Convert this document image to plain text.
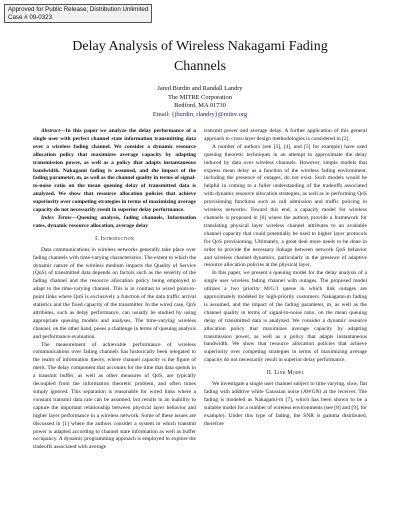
Approved for Public Release; Distribution Unlimited
Case # 09-0323
Delay Analysis of Wireless Nakagami Fading
Channels
Jared Burdin and Randall Landry
The MITRE Corporation
Bedford, MA 01730
Email: {jburdin, rlandry}@mitre.org

Abstract—In this paper we analyze the delay performance of a single user with perfect channel state information transmitting data over a wireless fading channel. We consider a dynamic resource allocation policy that maximizes average capacity by adapting transmission power, as well as a policy that adapts instantaneous bandwidth. Nakagami fading is assumed, and the impact of the fading parameter, m, as well as the channel quality in terms of signal-to-noise ratio on the mean queuing delay of transmitted data is analyzed. We show that resource allocation policies that achieve superiority over competing strategies in terms of maximizing average capacity do not necessarily result in superior delay performance.

Index Terms—Queuing analysis, fading channels, Information rates, dynamic resource allocation, average delay

I. Introduction

Data communications in wireless networks generally take place over fading channels with time-varying characteristics. The extent to which the dynamic nature of the wireless medium impacts the Quality of Service (QoS) of transmitted data depends on factors such as the severity of the fading channel and the resource allocation policy being employed to adapt to the time-varying channel. This is in contrast to wired point-to-point links where QoS is exclusively a function of the data traffic arrival statistics and the fixed capacity of the transmitter. In the wired case, QoS attributes, such as delay performance, can usually be studied by using appropriate queuing models and analyses. The time-varying wireless channel, on the other hand, poses a challenge in terms of queuing analysis and performance evaluation.

The measurement of achievable performance of wireless communications over fading channels has historically been relegated to the realm of information theory, where channel capacity is the figure of merit. The delay component that accounts for the time that data spends in a transmit buffer, as well as other measures of QoS, are typically decoupled from the information theoretic problem, and often times simply ignored. This separation is reasonable for wired links where a constant transmit data rate can be assumed, but results in an inability to capture the important relationship between physical layer behavior and higher layer performance in a wireless network. Some of these issues are discussed in [1] where the authors consider a system in which transmit power is adapted according to channel state information as well as buffer occupancy. A dynamic programming approach is employed to explore the tradeoffs associated with average

transmit power and average delay. A further application of this general approach to cross-layer design methodologies is considered in [2].

A number of authors (see [3], [4], and [5] for example) have used queuing theoretic techniques in an attempt to approximate the delay induced by data over wireless channels. However, simple models that express mean delay as a function of the wireless fading environment, including the presence of outages, do not exist. Such models would be helpful in coming to a fuller understanding of the tradeoffs associated with dynamic resource allocation strategies, as well as in performing QoS provisioning functions such as call admission and traffic policing in wireless networks. Toward this end, a capacity model for wireless channels is proposed in [6] where the authors provide a framework for translating physical layer wireless channel attributes to an available channel capacity that could potentially be used to higher layer protocols for QoS provisioning. Ultimately, a great deal more needs to be done in order to provide the necessary linkage between network QoS behavior and wireless channel dynamics, particularly in the presence of adaptive resource allocation policies at the physical layer.

In this paper, we present a queuing model for the delay analysis of a single user wireless fading channel with outages. The proposed model utilizes a two priority M/G/1 queue in which link outages are approximately modeled by high-priority customers. Nakagami-m fading is assumed, and the impact of the fading parameter, m, as well as the channel quality in terms of signal-to-noise ratio, on the mean queuing delay of transmitted data is analyzed. We consider a dynamic resource allocation policy that maximizes average capacity by adapting transmission power, as well as a policy that adapts instantaneous bandwidth. We show that resource allocation policies that achieve superiority over competing strategies in terms of maximizing average capacity do not necessarily result in superior delay performance.

II. Link Model

We investigate a single user channel subject to time varying, slow, flat fading with additive white Gaussian noise (AWGN) at the receiver. The fading is modeled as Nakagami-m [7], which has been shown to be a suitable model for a number of wireless environments (see [8] and [9], for example). Under this type of fading, the SNR is gamma distributed, therefore
